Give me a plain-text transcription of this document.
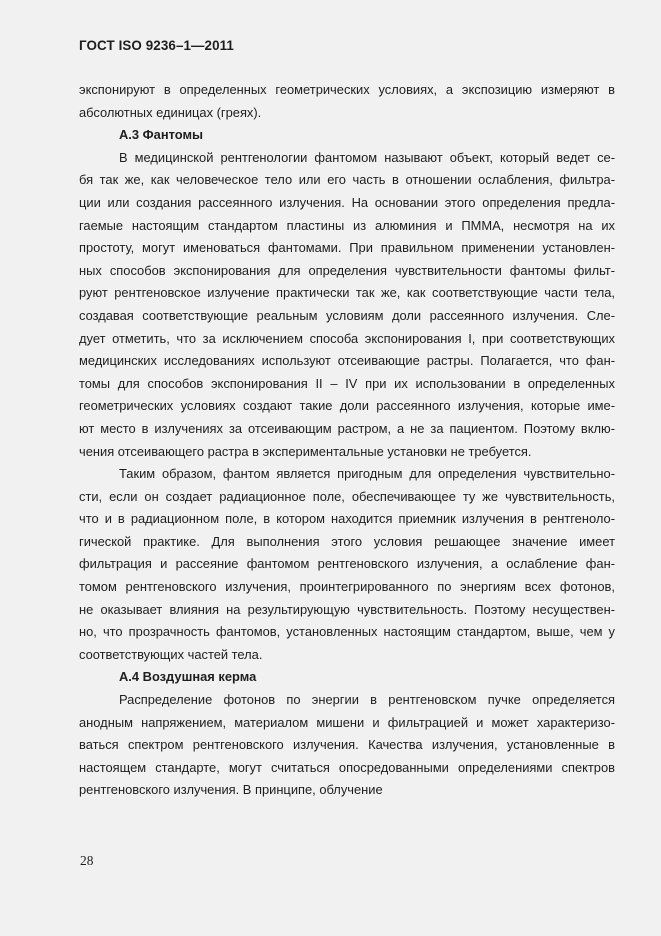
ГОСТ ISO 9236–1—2011
экспонируют в определенных геометрических условиях, а экспозицию измеряют в
абсолютных единицах (греях).
А.3 Фантомы
В медицинской рентгенологии фантомом называют объект, который ведет се-
бя так же, как человеческое тело или его часть в отношении ослабления, фильтра-
ции или создания рассеянного излучения. На основании этого определения предла-
гаемые настоящим стандартом пластины из алюминия и ПММА, несмотря на их
простоту, могут именоваться фантомами. При правильном применении установлен-
ных способов экспонирования для определения чувствительности фантомы фильт-
руют рентгеновское излучение практически так же, как соответствующие части тела,
создавая соответствующие реальным условиям доли рассеянного излучения. Сле-
дует отметить, что за исключением способа экспонирования I, при соответствующих
медицинских исследованиях используют отсеивающие растры. Полагается, что фан-
томы для способов экспонирования II – IV при их использовании в определенных
геометрических условиях создают такие доли рассеянного излучения, которые име-
ют место в излучениях за отсеивающим растром, а не за пациентом. Поэтому вклю-
чения отсеивающего растра в экспериментальные установки не требуется.
Таким образом, фантом является пригодным для определения чувствительно-
сти, если он создает радиационное поле, обеспечивающее ту же чувствительность,
что и в радиационном поле, в котором находится приемник излучения в рентгеноло-
гической практике. Для выполнения этого условия решающее значение имеет
фильтрация и рассеяние фантомом рентгеновского излучения, а ослабление фан-
томом рентгеновского излучения, проинтегрированного по энергиям всех фотонов,
не оказывает влияния на результирующую чувствительность. Поэтому несуществен-
но, что прозрачность фантомов, установленных настоящим стандартом, выше, чем у
соответствующих частей тела.
А.4 Воздушная керма
Распределение фотонов по энергии в рентгеновском пучке определяется
анодным напряжением, материалом мишени и фильтрацией и может характеризо-
ваться спектром рентгеновского излучения. Качества излучения, установленные в
настоящем стандарте, могут считаться опосредованными определениями спектров
рентгеновского излучения. В принципе, облучение
28
